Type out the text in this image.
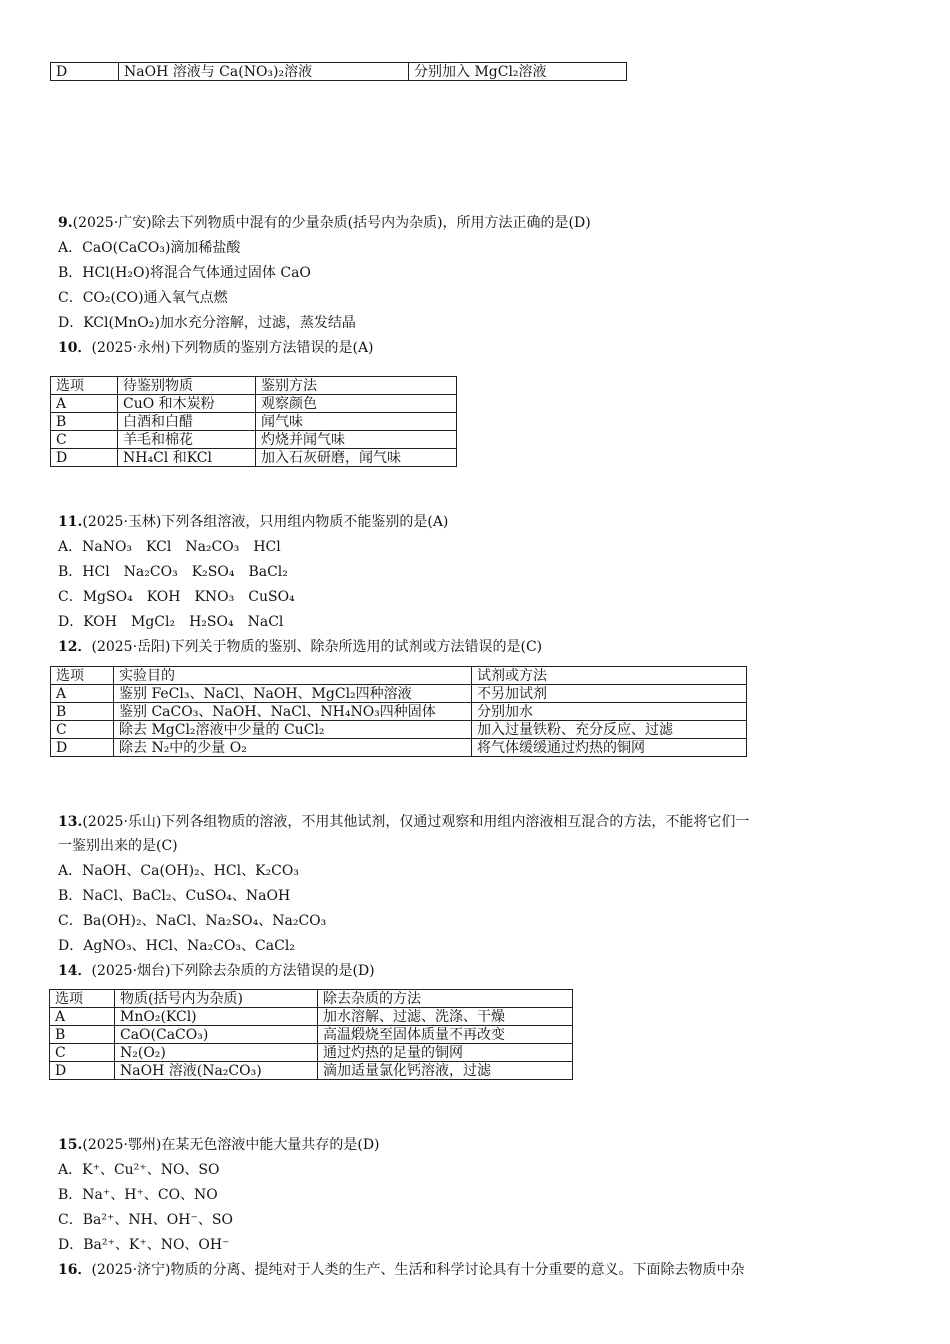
D	NaOH 溶液与 Ca(NO₃)₂溶液	分别加入 MgCl₂溶液
9.(2025·广安)除去下列物质中混有的少量杂质(括号内为杂质)，所用方法正确的是(D)
A．CaO(CaCO₃)滴加稀盐酸
B．HCl(H₂O)将混合气体通过固体 CaO
C．CO₂(CO)通入氧气点燃
D．KCl(MnO₂)加水充分溶解，过滤，蒸发结晶
10．(2025·永州)下列物质的鉴别方法错误的是(A)
选项	待鉴别物质	鉴别方法
A	CuO 和木炭粉	观察颜色
B	白酒和白醋	闻气味
C	羊毛和棉花	灼烧并闻气味
D	NH₄Cl 和KCl	加入石灰研磨，闻气味
11.(2025·玉林)下列各组溶液，只用组内物质不能鉴别的是(A)
A．NaNO₃　KCl　Na₂CO₃　HCl
B．HCl　Na₂CO₃　K₂SO₄　BaCl₂
C．MgSO₄　KOH　KNO₃　CuSO₄
D．KOH　MgCl₂　H₂SO₄　NaCl
12．(2025·岳阳)下列关于物质的鉴别、除杂所选用的试剂或方法错误的是(C)
选项	实验目的	试剂或方法
A	鉴别 FeCl₃、NaCl、NaOH、MgCl₂四种溶液	不另加试剂
B	鉴别 CaCO₃、NaOH、NaCl、NH₄NO₃四种固体	分别加水
C	除去 MgCl₂溶液中少量的 CuCl₂	加入过量铁粉、充分反应、过滤
D	除去 N₂中的少量 O₂	将气体缓缓通过灼热的铜网
13.(2025·乐山)下列各组物质的溶液，不用其他试剂，仅通过观察和用组内溶液相互混合的方法，不能将它们一
一鉴别出来的是(C)
A．NaOH、Ca(OH)₂、HCl、K₂CO₃
B．NaCl、BaCl₂、CuSO₄、NaOH
C．Ba(OH)₂、NaCl、Na₂SO₄、Na₂CO₃
D．AgNO₃、HCl、Na₂CO₃、CaCl₂
14．(2025·烟台)下列除去杂质的方法错误的是(D)
选项	物质(括号内为杂质)	除去杂质的方法
A	MnO₂(KCl)	加水溶解、过滤、洗涤、干燥
B	CaO(CaCO₃)	高温煅烧至固体质量不再改变
C	N₂(O₂)	通过灼热的足量的铜网
D	NaOH 溶液(Na₂CO₃)	滴加适量氯化钙溶液，过滤
15.(2025·鄂州)在某无色溶液中能大量共存的是(D)
A．K⁺、Cu²⁺、NO、SO
B．Na⁺、H⁺、CO、NO
C．Ba²⁺、NH、OH⁻、SO
D．Ba²⁺、K⁺、NO、OH⁻
16．(2025·济宁)物质的分离、提纯对于人类的生产、生活和科学讨论具有十分重要的意义。下面除去物质中杂
